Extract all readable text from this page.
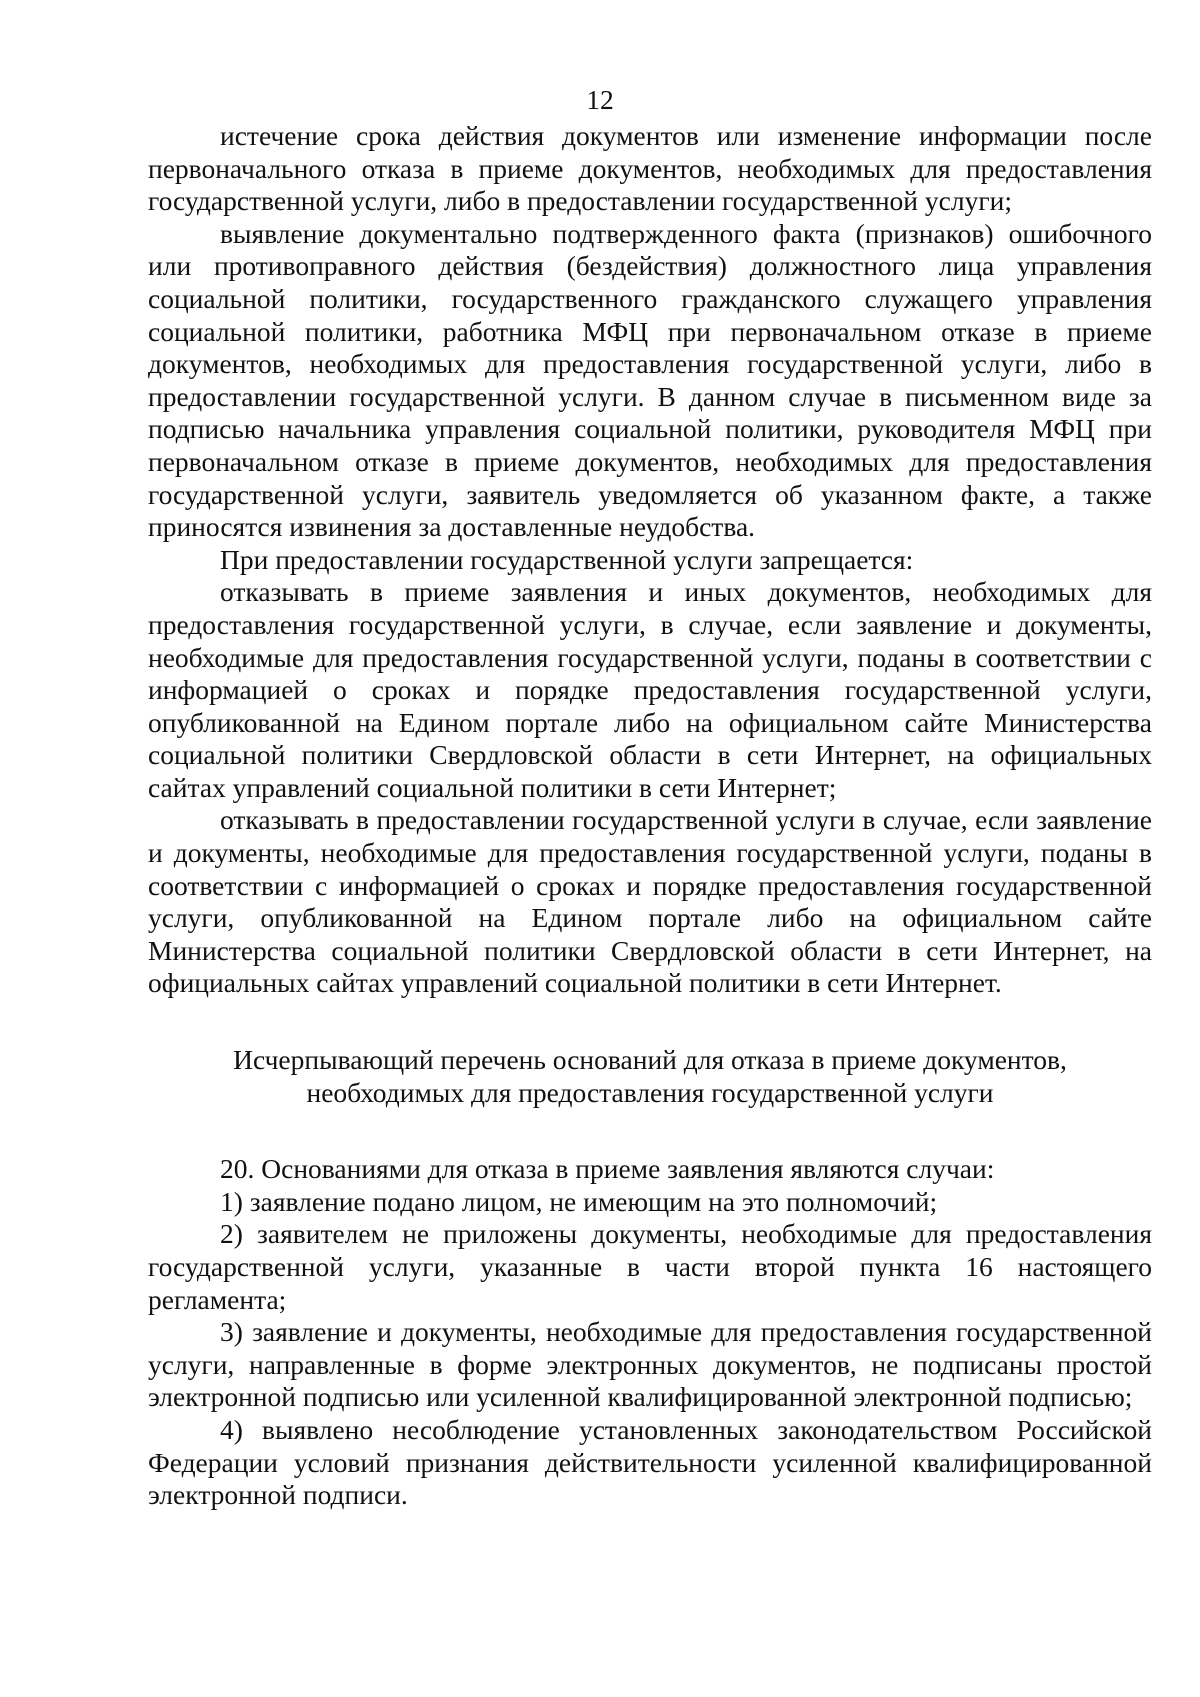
12

истечение срока действия документов или изменение информации после первоначального отказа в приеме документов, необходимых для предоставления государственной услуги, либо в предоставлении государственной услуги;

выявление документально подтвержденного факта (признаков) ошибочного или противоправного действия (бездействия) должностного лица управления социальной политики, государственного гражданского служащего управления социальной политики, работника МФЦ при первоначальном отказе в приеме документов, необходимых для предоставления государственной услуги, либо в предоставлении государственной услуги. В данном случае в письменном виде за подписью начальника управления социальной политики, руководителя МФЦ при первоначальном отказе в приеме документов, необходимых для предоставления государственной услуги, заявитель уведомляется об указанном факте, а также приносятся извинения за доставленные неудобства.

При предоставлении государственной услуги запрещается:

отказывать в приеме заявления и иных документов, необходимых для предоставления государственной услуги, в случае, если заявление и документы, необходимые для предоставления государственной услуги, поданы в соответствии с информацией о сроках и порядке предоставления государственной услуги, опубликованной на Едином портале либо на официальном сайте Министерства социальной политики Свердловской области в сети Интернет, на официальных сайтах управлений социальной политики в сети Интернет;

отказывать в предоставлении государственной услуги в случае, если заявление и документы, необходимые для предоставления государственной услуги, поданы в соответствии с информацией о сроках и порядке предоставления государственной услуги, опубликованной на Едином портале либо на официальном сайте Министерства социальной политики Свердловской области в сети Интернет, на официальных сайтах управлений социальной политики в сети Интернет.

Исчерпывающий перечень оснований для отказа в приеме документов,
необходимых для предоставления государственной услуги

20. Основаниями для отказа в приеме заявления являются случаи:

1) заявление подано лицом, не имеющим на это полномочий;

2) заявителем не приложены документы, необходимые для предоставления государственной услуги, указанные в части второй пункта 16 настоящего регламента;

3) заявление и документы, необходимые для предоставления государственной услуги, направленные в форме электронных документов, не подписаны простой электронной подписью или усиленной квалифицированной электронной подписью;

4) выявлено несоблюдение установленных законодательством Российской Федерации условий признания действительности усиленной квалифицированной электронной подписи.
